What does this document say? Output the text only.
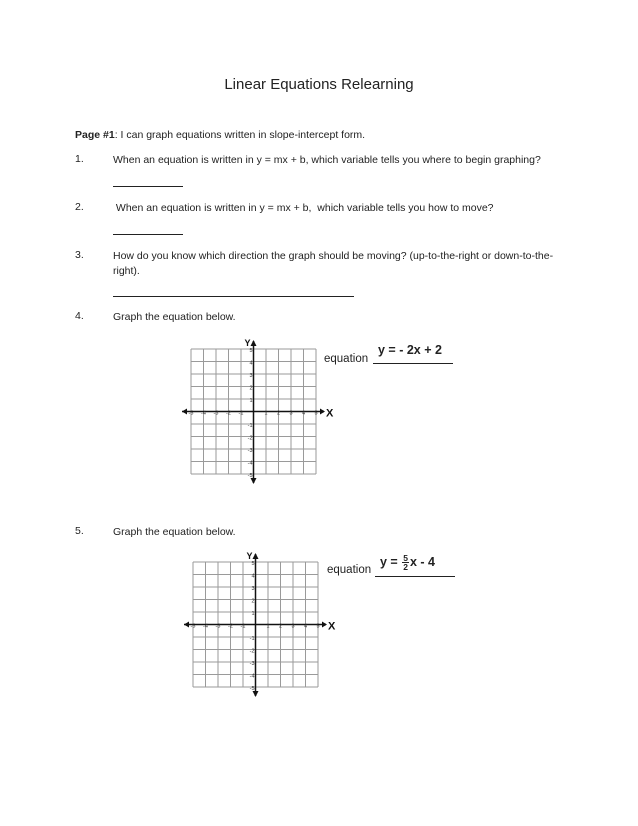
Linear Equations Relearning
Page #1: I can graph equations written in slope-intercept form.
1.	When an equation is written in y = mx + b, which variable tells you where to begin graphing?
2.	When an equation is written in y = mx + b,  which variable tells you how to move?
3.	How do you know which direction the graph should be moving? (up-to-the-right or down-to-the-right).
4.	Graph the equation below.
X
Y
-5 -4 -3 -2 -1	1 2 3 4 5
5
4
3
2
1
-1
-2
-3
-4
-5
equation
y = - 2x + 2
5.	Graph the equation below.
X
Y
-5 -4 -3 -2 -1	1 2 3 4 5
5
4
3
2
1
-1
-2
-3
-4
-5
equation
$y = \frac{5}{2}$ x - 4
